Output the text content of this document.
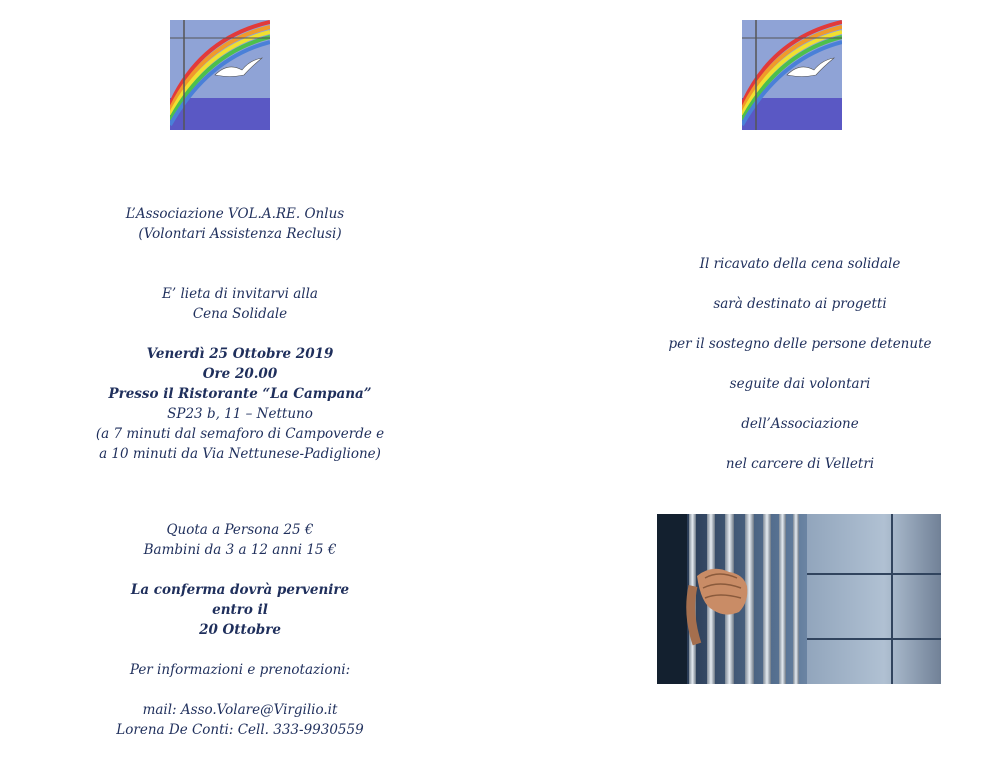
L’Associazione VOL.A.RE. Onlus
(Volontari Assistenza Reclusi)
E’ lieta di invitarvi alla
Cena Solidale
Venerdì 25 Ottobre 2019
Ore 20.00
Presso il Ristorante “La Campana”
SP23 b, 11 – Nettuno
(a 7 minuti dal semaforo di Campoverde e
a 10 minuti da Via Nettunese-Padiglione)
Quota a Persona 25 €
Bambini da 3 a 12 anni 15 €
La conferma dovrà pervenire
entro il
20 Ottobre
Per informazioni e prenotazioni:
mail: Asso.Volare@Virgilio.it
Lorena De Conti: Cell. 333-9930559
Il ricavato della cena solidale
sarà destinato ai progetti
per il sostegno delle persone detenute
seguite dai volontari
dell’Associazione
nel carcere di Velletri
